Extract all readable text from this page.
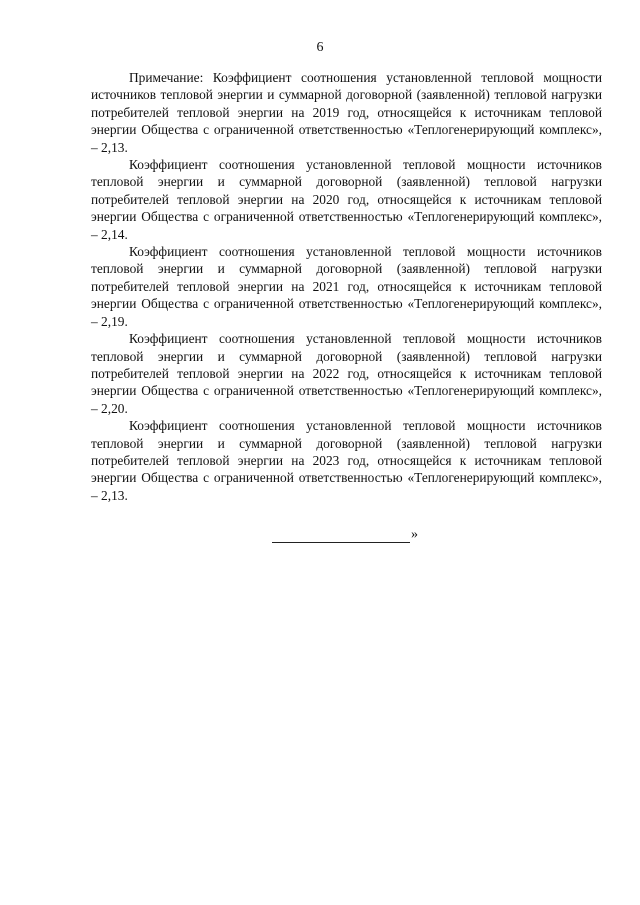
6

Примечание: Коэффициент соотношения установленной тепловой мощности источников тепловой энергии и суммарной договорной (заявленной) тепловой нагрузки потребителей тепловой энергии на 2019 год, относящейся к источникам тепловой энергии Общества с ограниченной ответственностью «Теплогенерирующий комплекс», – 2,13.

Коэффициент соотношения установленной тепловой мощности источников тепловой энергии и суммарной договорной (заявленной) тепловой нагрузки потребителей тепловой энергии на 2020 год, относящейся к источникам тепловой энергии Общества с ограниченной ответственностью «Теплогенерирующий комплекс», – 2,14.

Коэффициент соотношения установленной тепловой мощности источников тепловой энергии и суммарной договорной (заявленной) тепловой нагрузки потребителей тепловой энергии на 2021 год, относящейся к источникам тепловой энергии Общества с ограниченной ответственностью «Теплогенерирующий комплекс», – 2,19.

Коэффициент соотношения установленной тепловой мощности источников тепловой энергии и суммарной договорной (заявленной) тепловой нагрузки потребителей тепловой энергии на 2022 год, относящейся к источникам тепловой энергии Общества с ограниченной ответственностью «Теплогенерирующий комплекс», – 2,20.

Коэффициент соотношения установленной тепловой мощности источников тепловой энергии и суммарной договорной (заявленной) тепловой нагрузки потребителей тепловой энергии на 2023 год, относящейся к источникам тепловой энергии Общества с ограниченной ответственностью «Теплогенерирующий комплекс», – 2,13.

»
